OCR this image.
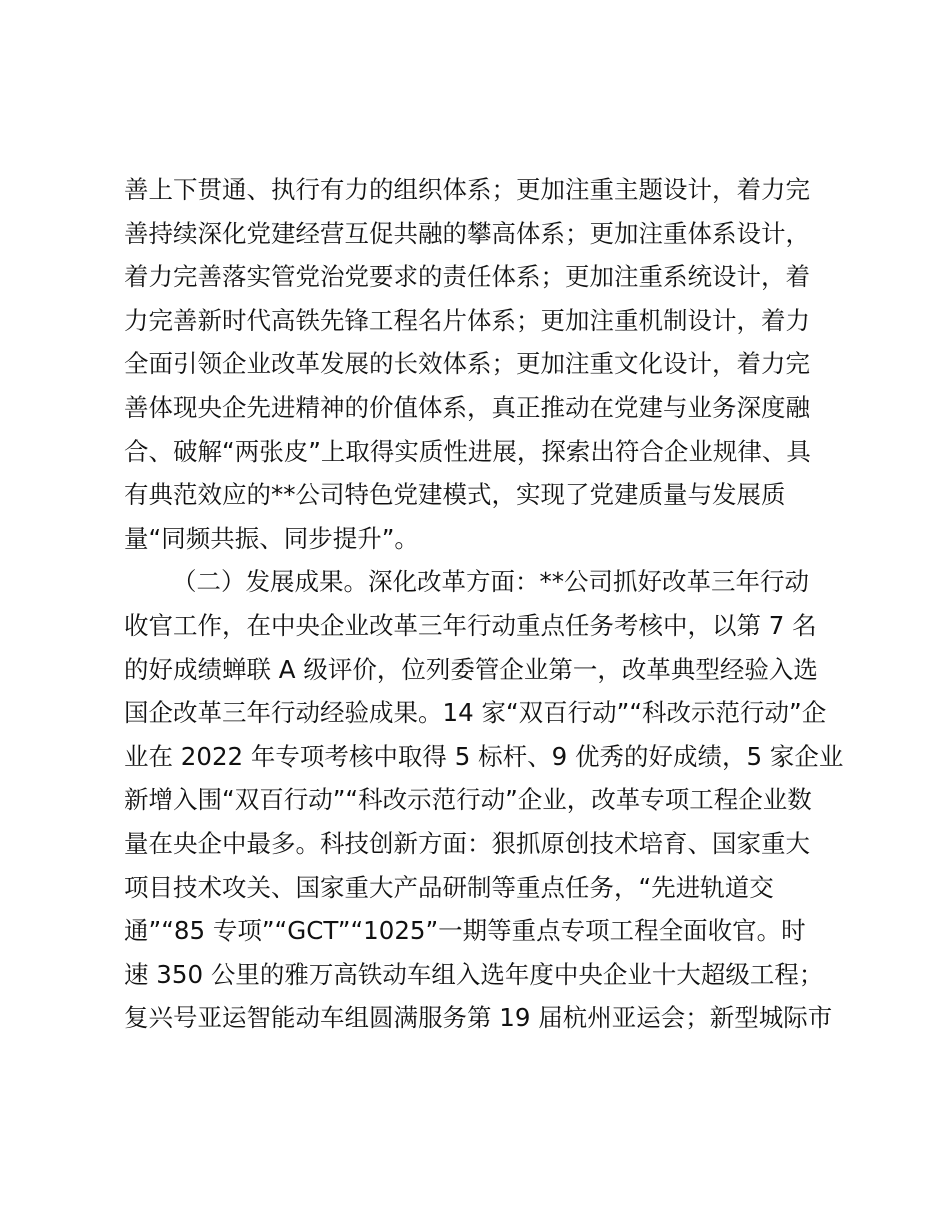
善上下贯通、执行有力的组织体系；更加注重主题设计，着力完
善持续深化党建经营互促共融的攀高体系；更加注重体系设计，
着力完善落实管党治党要求的责任体系；更加注重系统设计，着
力完善新时代高铁先锋工程名片体系；更加注重机制设计，着力
全面引领企业改革发展的长效体系；更加注重文化设计，着力完
善体现央企先进精神的价值体系，真正推动在党建与业务深度融
合、破解“两张皮”上取得实质性进展，探索出符合企业规律、具
有典范效应的**公司特色党建模式，实现了党建质量与发展质
量“同频共振、同步提升”。
（二）发展成果。深化改革方面：**公司抓好改革三年行动
收官工作，在中央企业改革三年行动重点任务考核中，以第 7 名
的好成绩蝉联 A 级评价，位列委管企业第一，改革典型经验入选
国企改革三年行动经验成果。14 家“双百行动”“科改示范行动”企
业在 2022 年专项考核中取得 5 标杆、9 优秀的好成绩，5 家企业
新增入围“双百行动”“科改示范行动”企业，改革专项工程企业数
量在央企中最多。科技创新方面：狠抓原创技术培育、国家重大
项目技术攻关、国家重大产品研制等重点任务，“先进轨道交
通”“85 专项”“GCT”“1025”一期等重点专项工程全面收官。时
速 350 公里的雅万高铁动车组入选年度中央企业十大超级工程；
复兴号亚运智能动车组圆满服务第 19 届杭州亚运会；新型城际市
